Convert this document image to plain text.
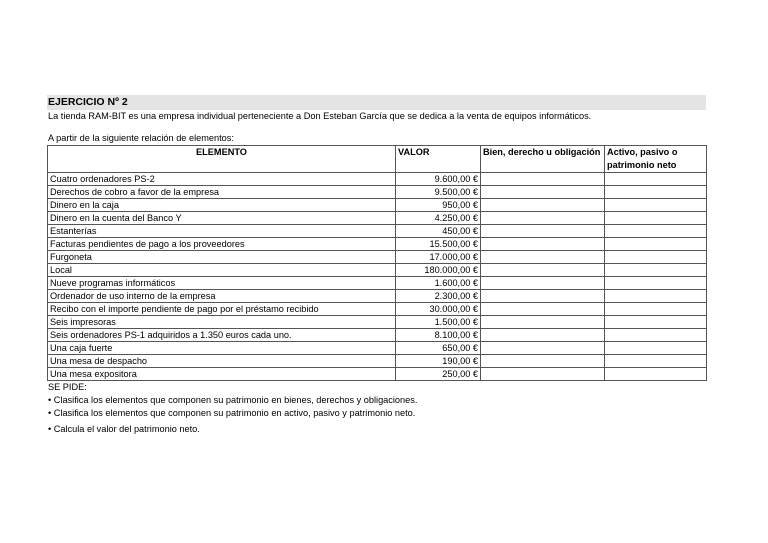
EJERCICIO Nº 2
La tienda RAM-BIT es una empresa individual perteneciente a Don Esteban García que se dedica a la venta de equipos informáticos.
A partir de la siguiente relación de elementos:
ELEMENTO	VALOR	Bien, derecho u obligación	Activo, pasivo o patrimonio neto
Cuatro ordenadores PS-2	9.600,00 €		
Derechos de cobro a favor de la empresa	9.500,00 €		
Dinero en la caja	950,00 €		
Dinero en la cuenta del Banco Y	4.250,00 €		
Estanterías	450,00 €		
Facturas pendientes de pago a los proveedores	15.500,00 €		
Furgoneta	17.000,00 €		
Local	180.000,00 €		
Nueve programas informáticos	1.600,00 €		
Ordenador de uso interno de la empresa	2.300,00 €		
Recibo con el importe pendiente de pago por el préstamo recibido	30.000,00 €		
Seis impresoras	1.500,00 €		
Seis ordenadores PS-1 adquiridos a 1.350 euros cada uno.	8.100,00 €		
Una caja fuerte	650,00 €		
Una mesa de despacho	190,00 €		
Una mesa expositora	250,00 €		
SE PIDE:
• Clasifica los elementos que componen su patrimonio en bienes, derechos y obligaciones.
• Clasifica los elementos que componen su patrimonio en activo, pasivo y patrimonio neto.
• Calcula el valor del patrimonio neto.
